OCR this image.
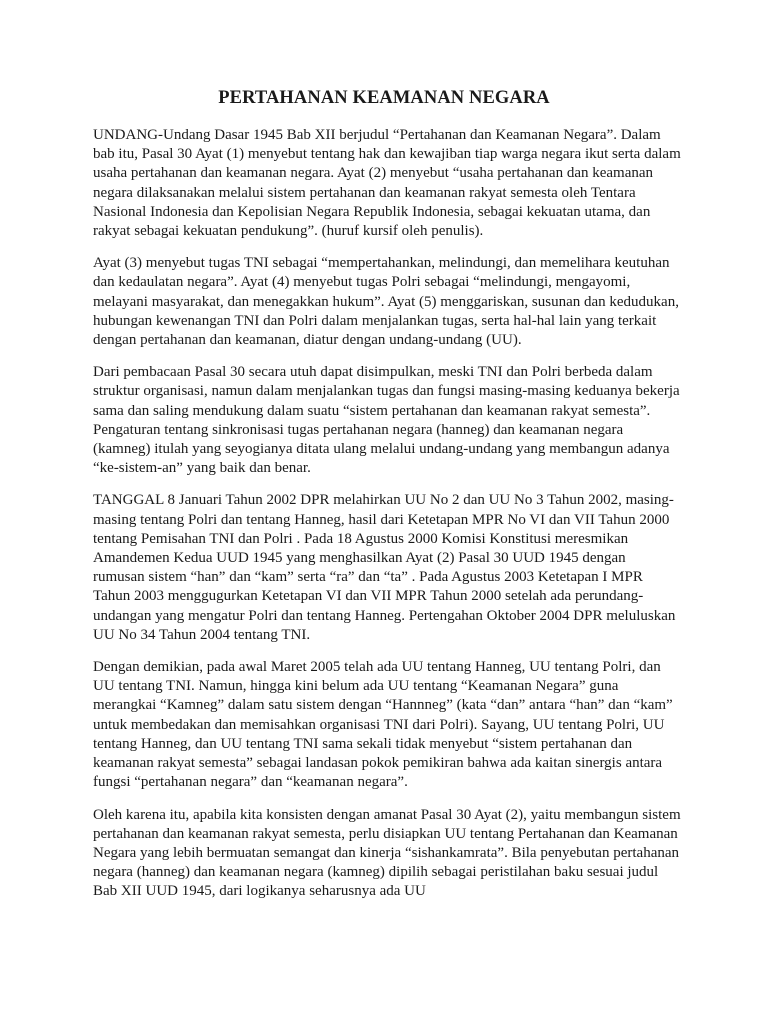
PERTAHANAN KEAMANAN NEGARA

UNDANG-Undang Dasar 1945 Bab XII berjudul “Pertahanan dan Keamanan Negara”. Dalam bab itu, Pasal 30 Ayat (1) menyebut tentang hak dan kewajiban tiap warga negara ikut serta dalam usaha pertahanan dan keamanan negara. Ayat (2) menyebut “usaha pertahanan dan keamanan negara dilaksanakan melalui sistem pertahanan dan keamanan rakyat semesta oleh Tentara Nasional Indonesia dan Kepolisian Negara Republik Indonesia, sebagai kekuatan utama, dan rakyat sebagai kekuatan pendukung”. (huruf kursif oleh penulis).

Ayat (3) menyebut tugas TNI sebagai “mempertahankan, melindungi, dan memelihara keutuhan dan kedaulatan negara”. Ayat (4) menyebut tugas Polri sebagai “melindungi, mengayomi, melayani masyarakat, dan menegakkan hukum”. Ayat (5) menggariskan, susunan dan kedudukan, hubungan kewenangan TNI dan Polri dalam menjalankan tugas, serta hal-hal lain yang terkait dengan pertahanan dan keamanan, diatur dengan undang-undang (UU).

Dari pembacaan Pasal 30 secara utuh dapat disimpulkan, meski TNI dan Polri berbeda dalam struktur organisasi, namun dalam menjalankan tugas dan fungsi masing-masing keduanya bekerja sama dan saling mendukung dalam suatu “sistem pertahanan dan keamanan rakyat semesta”. Pengaturan tentang sinkronisasi tugas pertahanan negara (hanneg) dan keamanan negara (kamneg) itulah yang seyogianya ditata ulang melalui undang-undang yang membangun adanya “ke-sistem-an” yang baik dan benar.

TANGGAL 8 Januari Tahun 2002 DPR melahirkan UU No 2 dan UU No 3 Tahun 2002, masing-masing tentang Polri dan tentang Hanneg, hasil dari Ketetapan MPR No VI dan VII Tahun 2000 tentang Pemisahan TNI dan Polri . Pada 18 Agustus 2000 Komisi Konstitusi meresmikan Amandemen Kedua UUD 1945 yang menghasilkan Ayat (2) Pasal 30 UUD 1945 dengan rumusan sistem “han” dan “kam” serta “ra” dan “ta” . Pada Agustus 2003 Ketetapan I MPR Tahun 2003 menggugurkan Ketetapan VI dan VII MPR Tahun 2000 setelah ada perundang-undangan yang mengatur Polri dan tentang Hanneg. Pertengahan Oktober 2004 DPR meluluskan UU No 34 Tahun 2004 tentang TNI.

Dengan demikian, pada awal Maret 2005 telah ada UU tentang Hanneg, UU tentang Polri, dan UU tentang TNI. Namun, hingga kini belum ada UU tentang “Keamanan Negara” guna merangkai “Kamneg” dalam satu sistem dengan “Hannneg” (kata “dan” antara “han” dan “kam” untuk membedakan dan memisahkan organisasi TNI dari Polri). Sayang, UU tentang Polri, UU tentang Hanneg, dan UU tentang TNI sama sekali tidak menyebut “sistem pertahanan dan keamanan rakyat semesta” sebagai landasan pokok pemikiran bahwa ada kaitan sinergis antara fungsi “pertahanan negara” dan “keamanan negara”.

Oleh karena itu, apabila kita konsisten dengan amanat Pasal 30 Ayat (2), yaitu membangun sistem pertahanan dan keamanan rakyat semesta, perlu disiapkan UU tentang Pertahanan dan Keamanan Negara yang lebih bermuatan semangat dan kinerja “sishankamrata”. Bila penyebutan pertahanan negara (hanneg) dan keamanan negara (kamneg) dipilih sebagai peristilahan baku sesuai judul Bab XII UUD 1945, dari logikanya seharusnya ada UU
